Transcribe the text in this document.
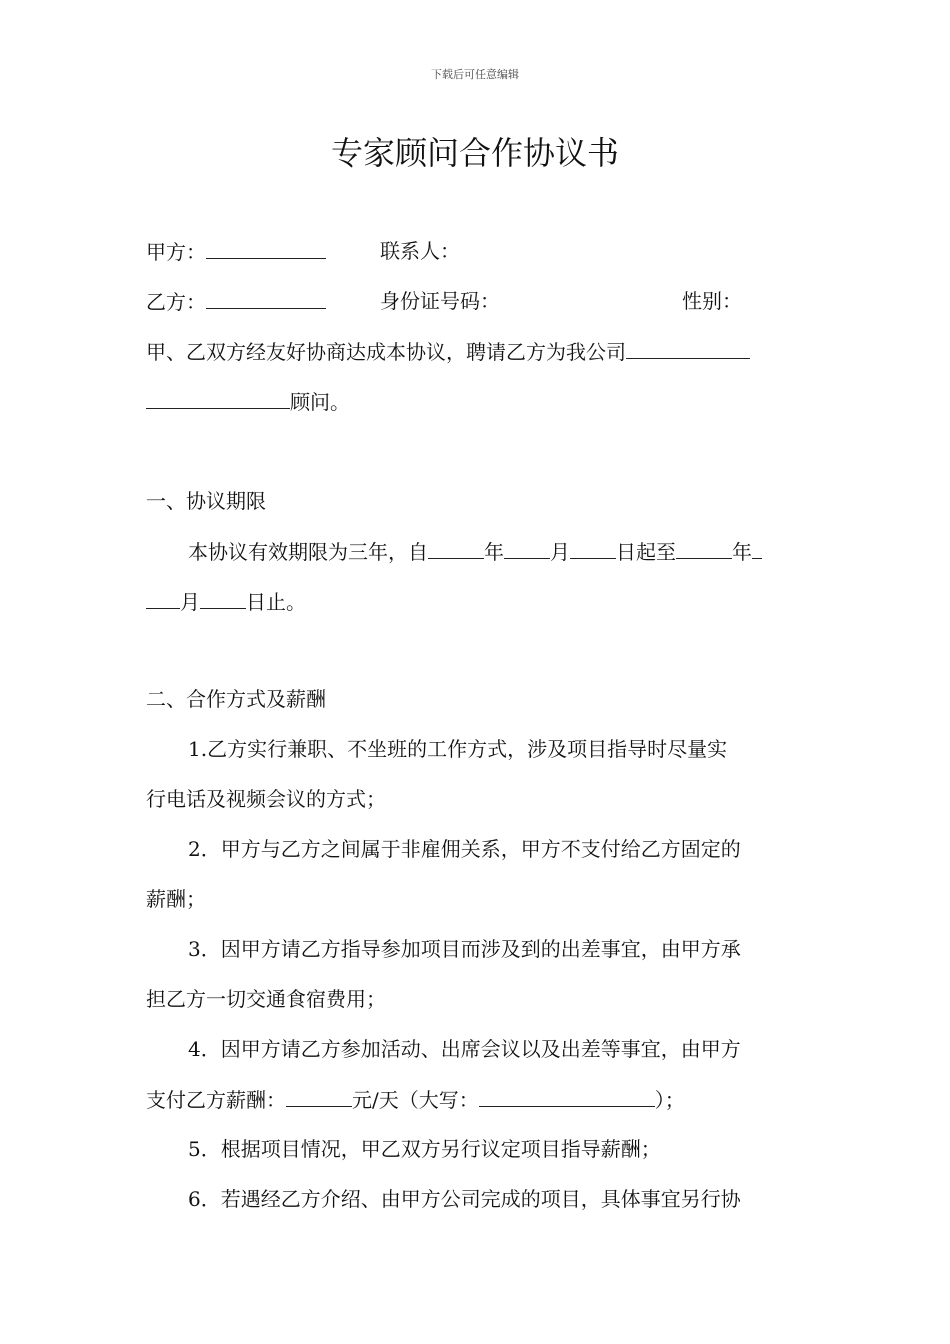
下载后可任意编辑
专家顾问合作协议书
甲方：	联系人：
乙方：	身份证号码：	性别：
甲、乙双方经友好协商达成本协议，聘请乙方为我公司
顾问。
一、协议期限
本协议有效期限为三年，自	年 月 日起至	年
月 日止。
二、合作方式及薪酬
1.乙方实行兼职、不坐班的工作方式，涉及项目指导时尽量实
行电话及视频会议的方式；
2．甲方与乙方之间属于非雇佣关系，甲方不支付给乙方固定的
薪酬；
3．因甲方请乙方指导参加项目而涉及到的出差事宜，由甲方承
担乙方一切交通食宿费用；
4．因甲方请乙方参加活动、出席会议以及出差等事宜，由甲方
支付乙方薪酬：	元/天（大写：	）；
5．根据项目情况，甲乙双方另行议定项目指导薪酬；
6．若遇经乙方介绍、由甲方公司完成的项目，具体事宜另行协
